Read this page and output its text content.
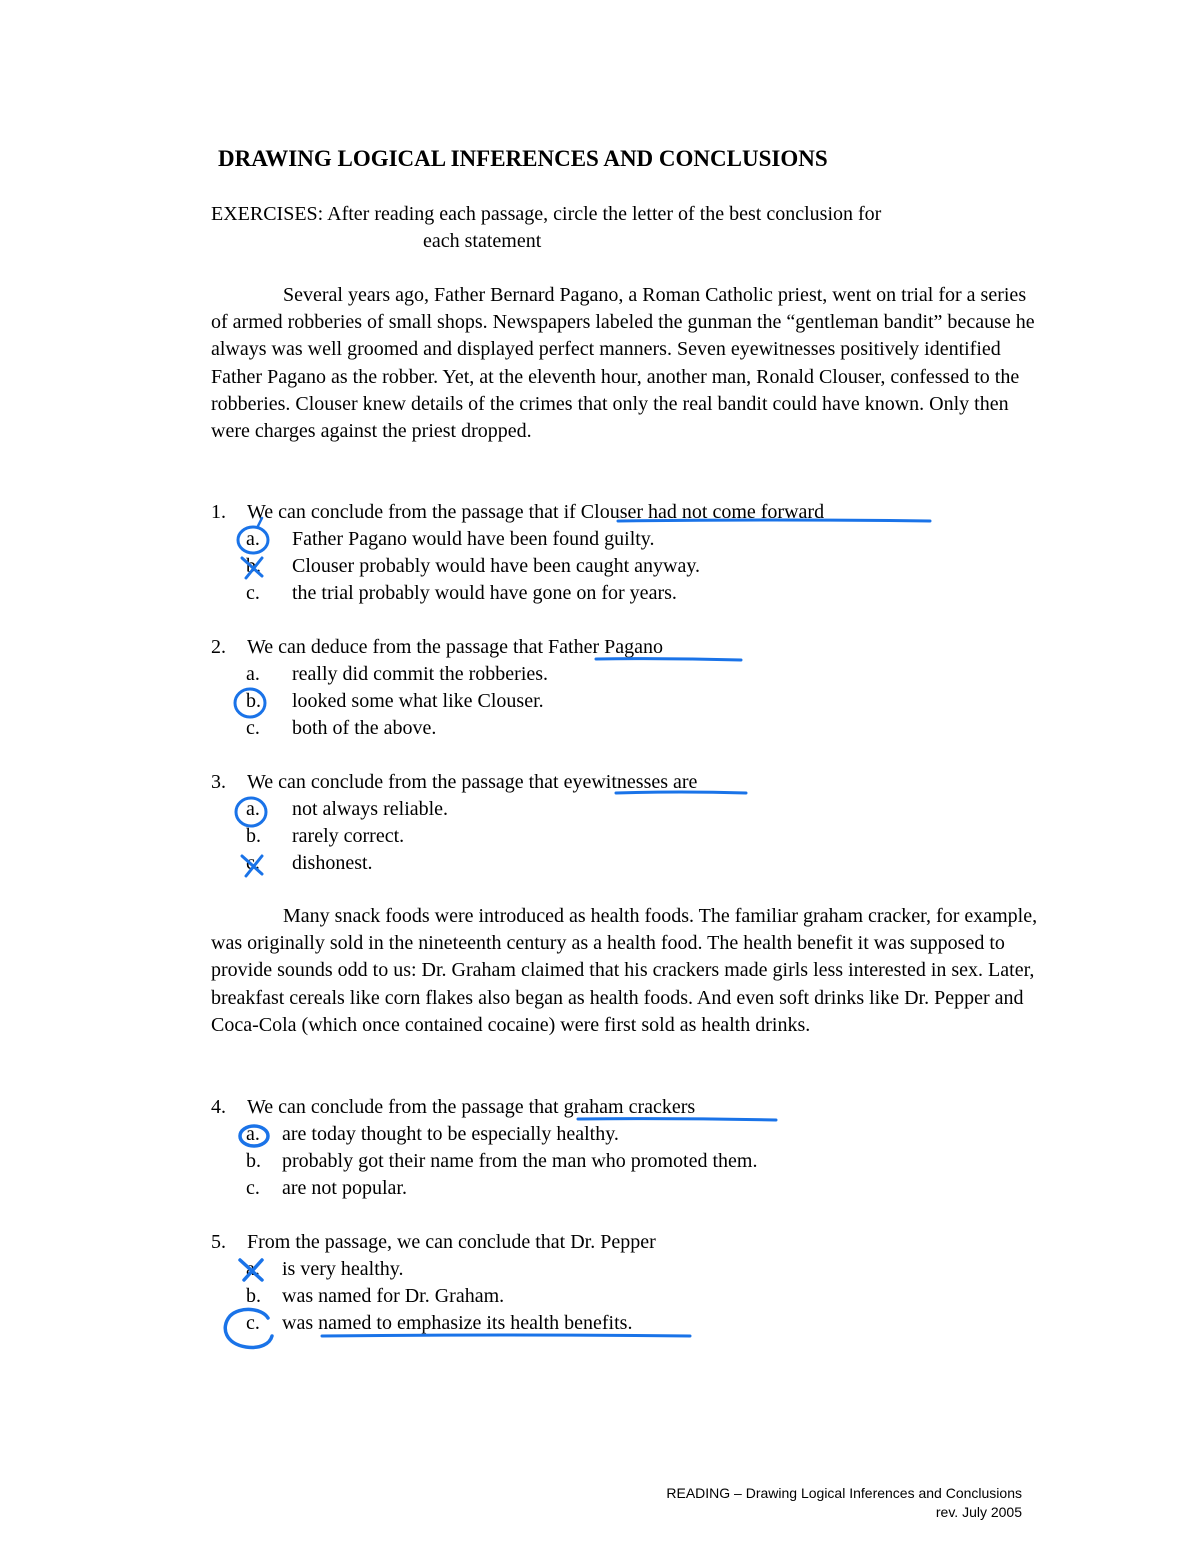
DRAWING LOGICAL INFERENCES AND CONCLUSIONS
EXERCISES: After reading each passage, circle the letter of the best conclusion for
each statement
Several years ago, Father Bernard Pagano, a Roman Catholic priest, went on trial for a series of armed robberies of small shops. Newspapers labeled the gunman the “gentleman bandit” because he always was well groomed and displayed perfect manners. Seven eyewitnesses positively identified Father Pagano as the robber. Yet, at the eleventh hour, another man, Ronald Clouser, confessed to the robberies. Clouser knew details of the crimes that only the real bandit could have known. Only then were charges against the priest dropped.
1. We can conclude from the passage that if Clouser had not come forward
a. Father Pagano would have been found guilty.
b. Clouser probably would have been caught anyway.
c. the trial probably would have gone on for years.
2. We can deduce from the passage that Father Pagano
a. really did commit the robberies.
b. looked some what like Clouser.
c. both of the above.
3. We can conclude from the passage that eyewitnesses are
a. not always reliable.
b. rarely correct.
c. dishonest.
Many snack foods were introduced as health foods. The familiar graham cracker, for example, was originally sold in the nineteenth century as a health food. The health benefit it was supposed to provide sounds odd to us: Dr. Graham claimed that his crackers made girls less interested in sex. Later, breakfast cereals like corn flakes also began as health foods. And even soft drinks like Dr. Pepper and Coca-Cola (which once contained cocaine) were first sold as health drinks.
4. We can conclude from the passage that graham crackers
a. are today thought to be especially healthy.
b. probably got their name from the man who promoted them.
c. are not popular.
5. From the passage, we can conclude that Dr. Pepper
a. is very healthy.
b. was named for Dr. Graham.
c. was named to emphasize its health benefits.
READING – Drawing Logical Inferences and Conclusions
rev. July 2005
